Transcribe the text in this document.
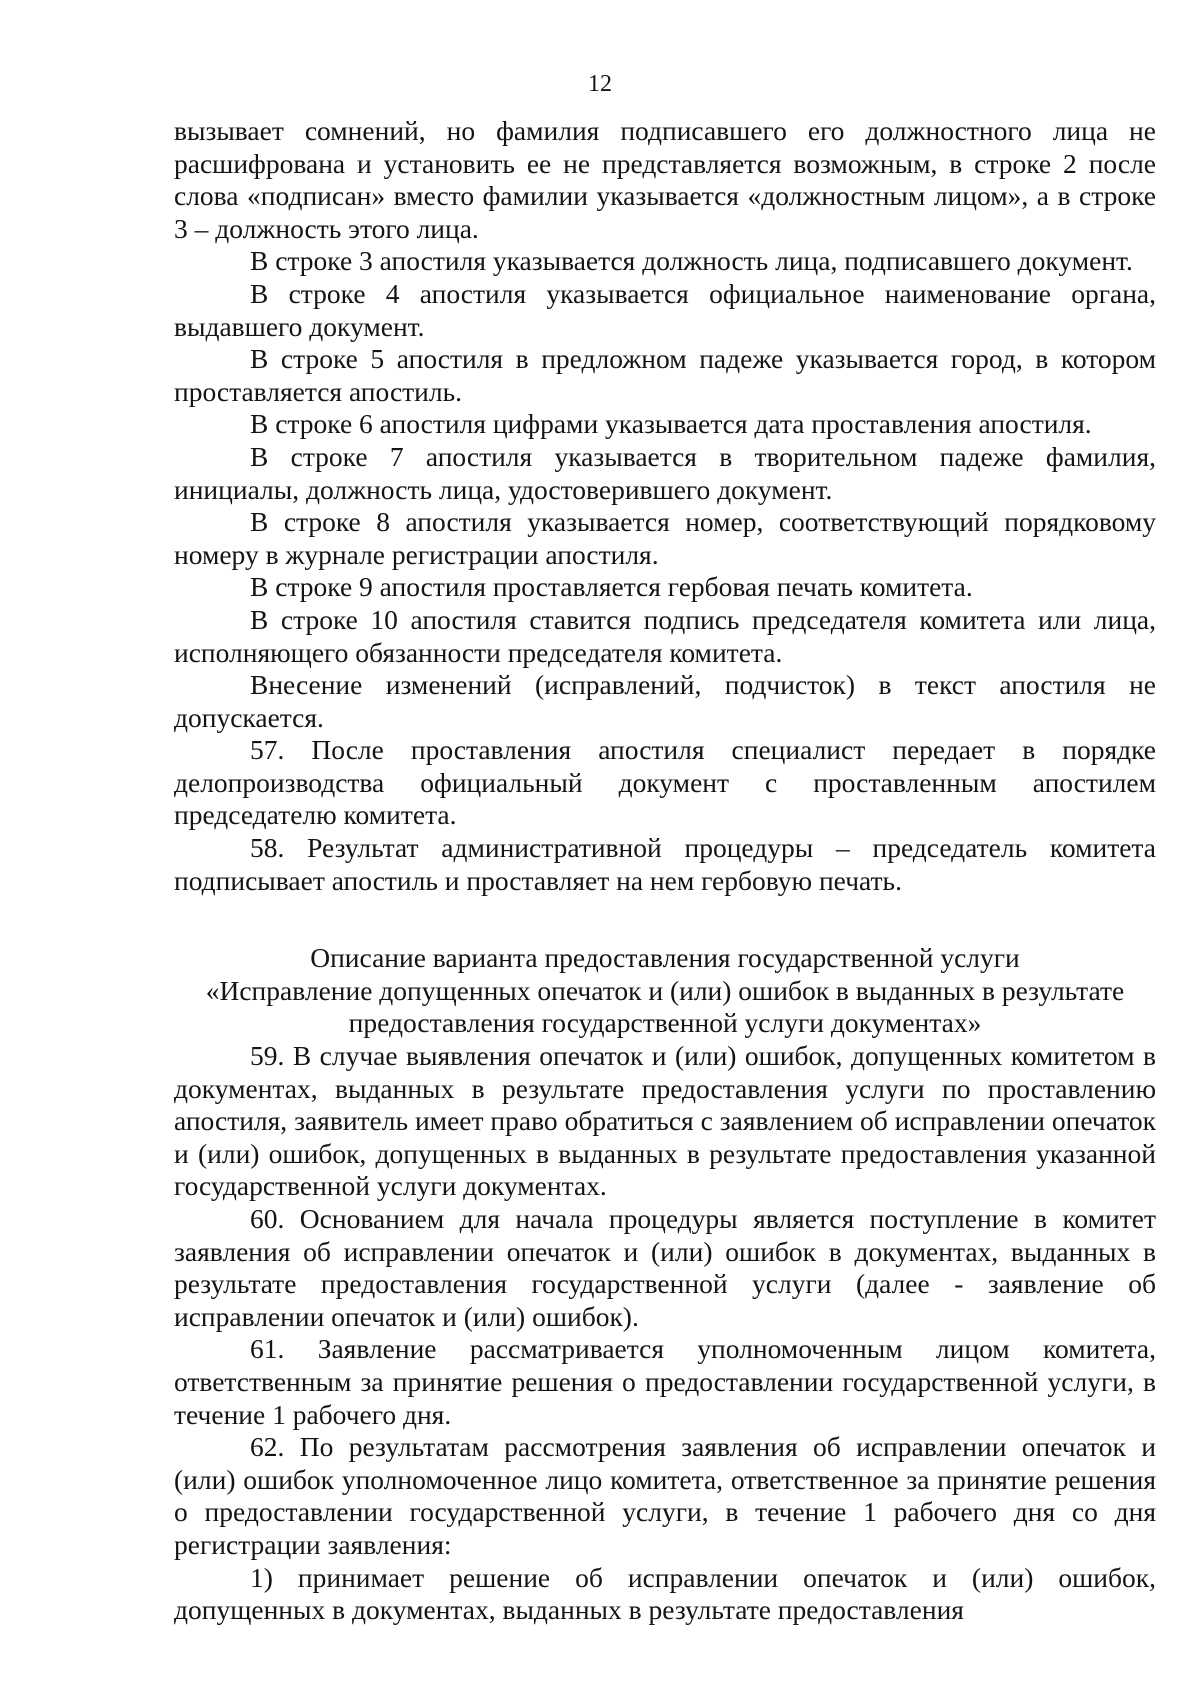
12

вызывает сомнений, но фамилия подписавшего его должностного лица не расшифрована и установить ее не представляется возможным, в строке 2 после слова «подписан» вместо фамилии указывается «должностным лицом», а в строке 3 – должность этого лица.

В строке 3 апостиля указывается должность лица, подписавшего документ.

В строке 4 апостиля указывается официальное наименование органа, выдавшего документ.

В строке 5 апостиля в предложном падеже указывается город, в котором проставляется апостиль.

В строке 6 апостиля цифрами указывается дата проставления апостиля.

В строке 7 апостиля указывается в творительном падеже фамилия, инициалы, должность лица, удостоверившего документ.

В строке 8 апостиля указывается номер, соответствующий порядковому номеру в журнале регистрации апостиля.

В строке 9 апостиля проставляется гербовая печать комитета.

В строке 10 апостиля ставится подпись председателя комитета или лица, исполняющего обязанности председателя комитета.

Внесение изменений (исправлений, подчисток) в текст апостиля не допускается.

57. После проставления апостиля специалист передает в порядке делопроизводства официальный документ с проставленным апостилем председателю комитета.

58. Результат административной процедуры – председатель комитета подписывает апостиль и проставляет на нем гербовую печать.

Описание варианта предоставления государственной услуги
«Исправление допущенных опечаток и (или) ошибок в выданных в результате
предоставления государственной услуги документах»

59. В случае выявления опечаток и (или) ошибок, допущенных комитетом в документах, выданных в результате предоставления услуги по проставлению апостиля, заявитель имеет право обратиться с заявлением об исправлении опечаток и (или) ошибок, допущенных в выданных в результате предоставления указанной государственной услуги документах.

60. Основанием для начала процедуры является поступление в комитет заявления об исправлении опечаток и (или) ошибок в документах, выданных в результате предоставления государственной услуги (далее - заявление об исправлении опечаток и (или) ошибок).

61. Заявление рассматривается уполномоченным лицом комитета, ответственным за принятие решения о предоставлении государственной услуги, в течение 1 рабочего дня.

62. По результатам рассмотрения заявления об исправлении опечаток и (или) ошибок уполномоченное лицо комитета, ответственное за принятие решения о предоставлении государственной услуги, в течение 1 рабочего дня со дня регистрации заявления:

1) принимает решение об исправлении опечаток и (или) ошибок, допущенных в документах, выданных в результате предоставления
